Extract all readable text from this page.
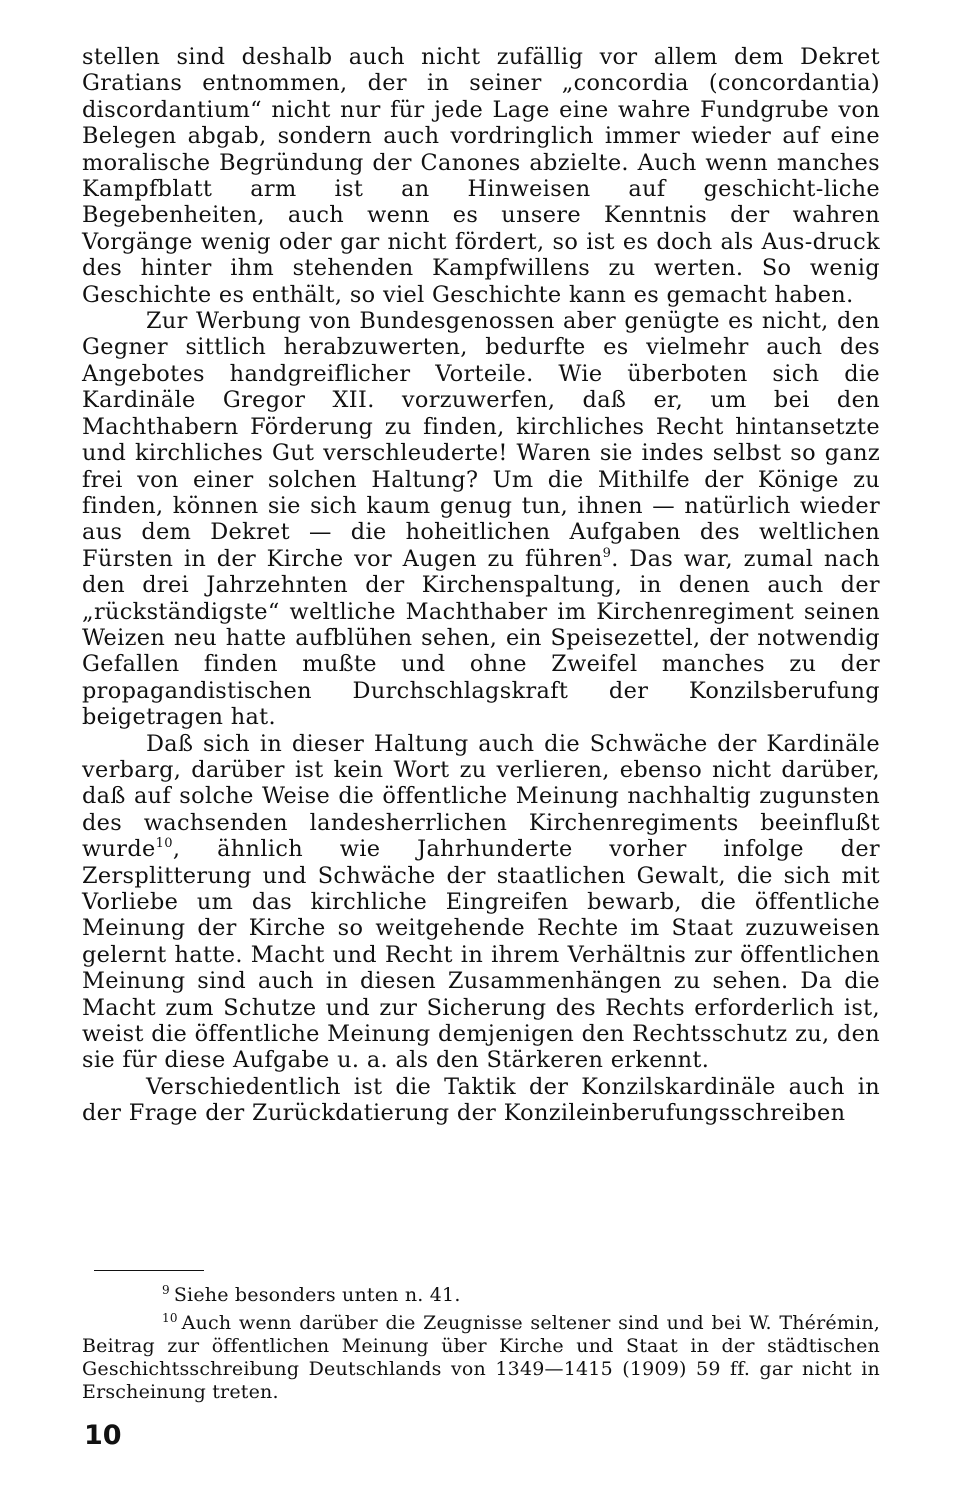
stellen sind deshalb auch nicht zufällig vor allem dem Dekret Gratians entnommen, der in seiner „concordia (concordantia) discordantium“ nicht nur für jede Lage eine wahre Fundgrube von Belegen abgab, sondern auch vordringlich immer wieder auf eine moralische Begründung der Canones abzielte. Auch wenn manches Kampfblatt arm ist an Hinweisen auf geschicht-liche Begebenheiten, auch wenn es unsere Kenntnis der wahren Vorgänge wenig oder gar nicht fördert, so ist es doch als Aus-druck des hinter ihm stehenden Kampfwillens zu werten. So wenig Geschichte es enthält, so viel Geschichte kann es gemacht haben.

Zur Werbung von Bundesgenossen aber genügte es nicht, den Gegner sittlich herabzuwerten, bedurfte es vielmehr auch des Angebotes handgreiflicher Vorteile. Wie überboten sich die Kardinäle Gregor XII. vorzuwerfen, daß er, um bei den Machthabern Förderung zu finden, kirchliches Recht hintansetzte und kirchliches Gut verschleuderte! Waren sie indes selbst so ganz frei von einer solchen Haltung? Um die Mithilfe der Könige zu finden, können sie sich kaum genug tun, ihnen — natürlich wieder aus dem Dekret — die hoheitlichen Aufgaben des weltlichen Fürsten in der Kirche vor Augen zu führen$^9$. Das war, zumal nach den drei Jahrzehnten der Kirchenspaltung, in denen auch der „rückständigste“ weltliche Machthaber im Kirchenregiment seinen Weizen neu hatte aufblühen sehen, ein Speisezettel, der notwendig Gefallen finden mußte und ohne Zweifel manches zu der propagandistischen Durchschlagskraft der Konzilsberufung beigetragen hat.

Daß sich in dieser Haltung auch die Schwäche der Kardinäle verbarg, darüber ist kein Wort zu verlieren, ebenso nicht darüber, daß auf solche Weise die öffentliche Meinung nachhaltig zugunsten des wachsenden landesherrlichen Kirchenregiments beeinflußt wurde$^{10}$, ähnlich wie Jahrhunderte vorher infolge der Zersplitterung und Schwäche der staatlichen Gewalt, die sich mit Vorliebe um das kirchliche Eingreifen bewarb, die öffentliche Meinung der Kirche so weitgehende Rechte im Staat zuzuweisen gelernt hatte. Macht und Recht in ihrem Verhältnis zur öffentlichen Meinung sind auch in diesen Zusammenhängen zu sehen. Da die Macht zum Schutze und zur Sicherung des Rechts erforderlich ist, weist die öffentliche Meinung demjenigen den Rechtsschutz zu, den sie für diese Aufgabe u. a. als den Stärkeren erkennt.

Verschiedentlich ist die Taktik der Konzilskardinäle auch in der Frage der Zurückdatierung der Konzileinberufungsschreiben

$^9$ Siehe besonders unten n. 41.

$^{10}$ Auch wenn darüber die Zeugnisse seltener sind und bei W. Thérémin, Beitrag zur öffentlichen Meinung über Kirche und Staat in der städtischen Geschichtsschreibung Deutschlands von 1349—1415 (1909) 59 ff. gar nicht in Erscheinung treten.

10
